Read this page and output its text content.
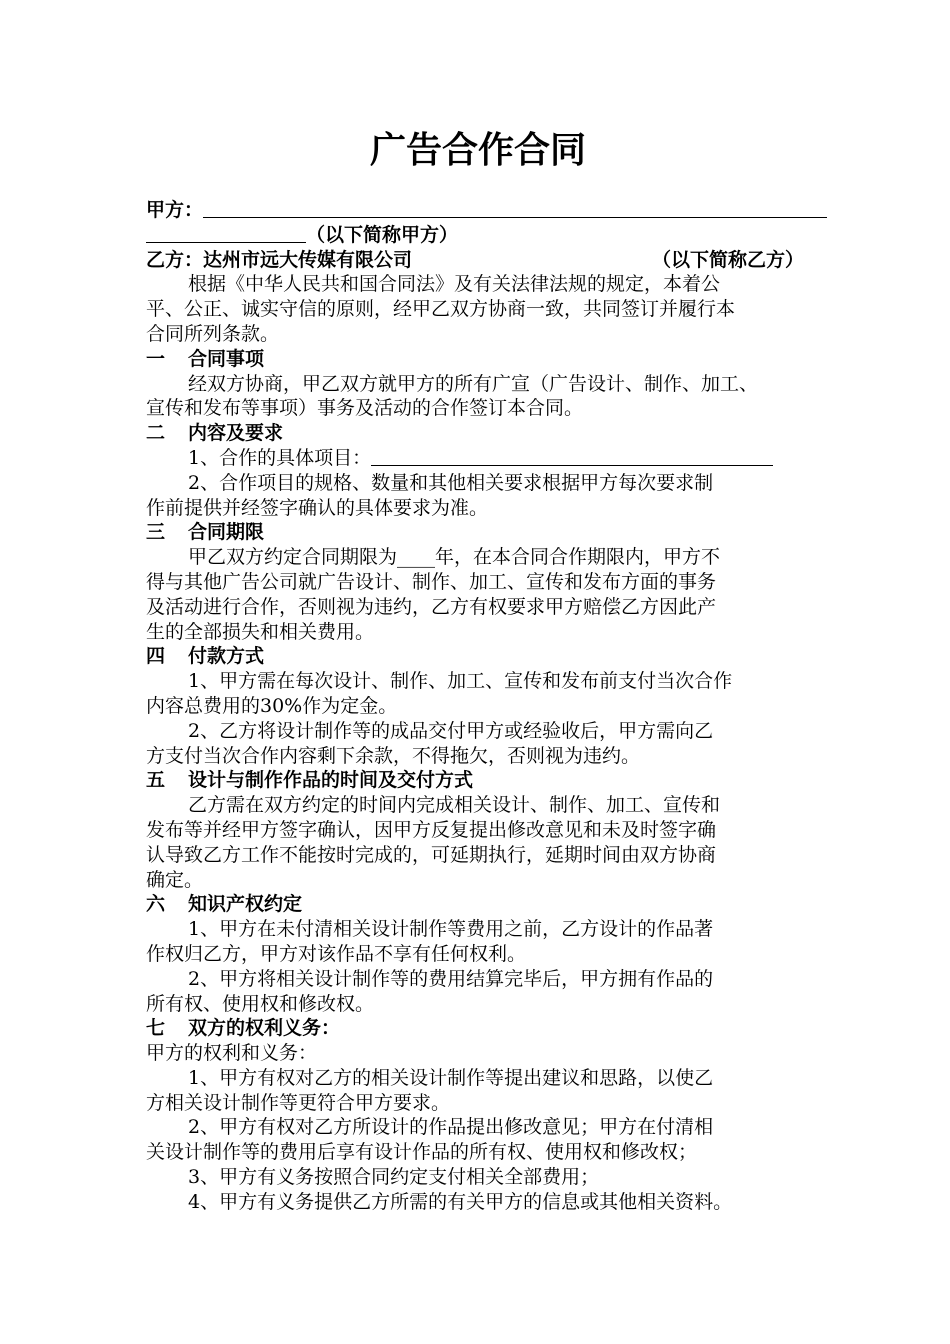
广告合作合同
甲方：
（以下简称甲方）
乙方：达州市远大传媒有限公司	（以下简称乙方）
根据《中华人民共和国合同法》及有关法律法规的规定，本着公
平、公正、诚实守信的原则，经甲乙双方协商一致，共同签订并履行本
合同所列条款。
一 合同事项
经双方协商，甲乙双方就甲方的所有广宣（广告设计、制作、加工、
宣传和发布等事项）事务及活动的合作签订本合同。
二 内容及要求
1、合作的具体项目：
2、合作项目的规格、数量和其他相关要求根据甲方每次要求制
作前提供并经签字确认的具体要求为准。
三 合同期限
甲乙双方约定合同期限为____年，在本合同合作期限内，甲方不
得与其他广告公司就广告设计、制作、加工、宣传和发布方面的事务
及活动进行合作，否则视为违约，乙方有权要求甲方赔偿乙方因此产
生的全部损失和相关费用。
四 付款方式
1、甲方需在每次设计、制作、加工、宣传和发布前支付当次合作
内容总费用的30%作为定金。
2、乙方将设计制作等的成品交付甲方或经验收后，甲方需向乙
方支付当次合作内容剩下余款，不得拖欠，否则视为违约。
五 设计与制作作品的时间及交付方式
乙方需在双方约定的时间内完成相关设计、制作、加工、宣传和
发布等并经甲方签字确认，因甲方反复提出修改意见和未及时签字确
认导致乙方工作不能按时完成的，可延期执行，延期时间由双方协商
确定。
六 知识产权约定
1、甲方在未付清相关设计制作等费用之前，乙方设计的作品著
作权归乙方，甲方对该作品不享有任何权利。
2、甲方将相关设计制作等的费用结算完毕后，甲方拥有作品的
所有权、使用权和修改权。
七 双方的权利义务：
甲方的权利和义务：
1、甲方有权对乙方的相关设计制作等提出建议和思路，以使乙
方相关设计制作等更符合甲方要求。
2、甲方有权对乙方所设计的作品提出修改意见；甲方在付清相
关设计制作等的费用后享有设计作品的所有权、使用权和修改权；
3、甲方有义务按照合同约定支付相关全部费用；
4、甲方有义务提供乙方所需的有关甲方的信息或其他相关资料。
